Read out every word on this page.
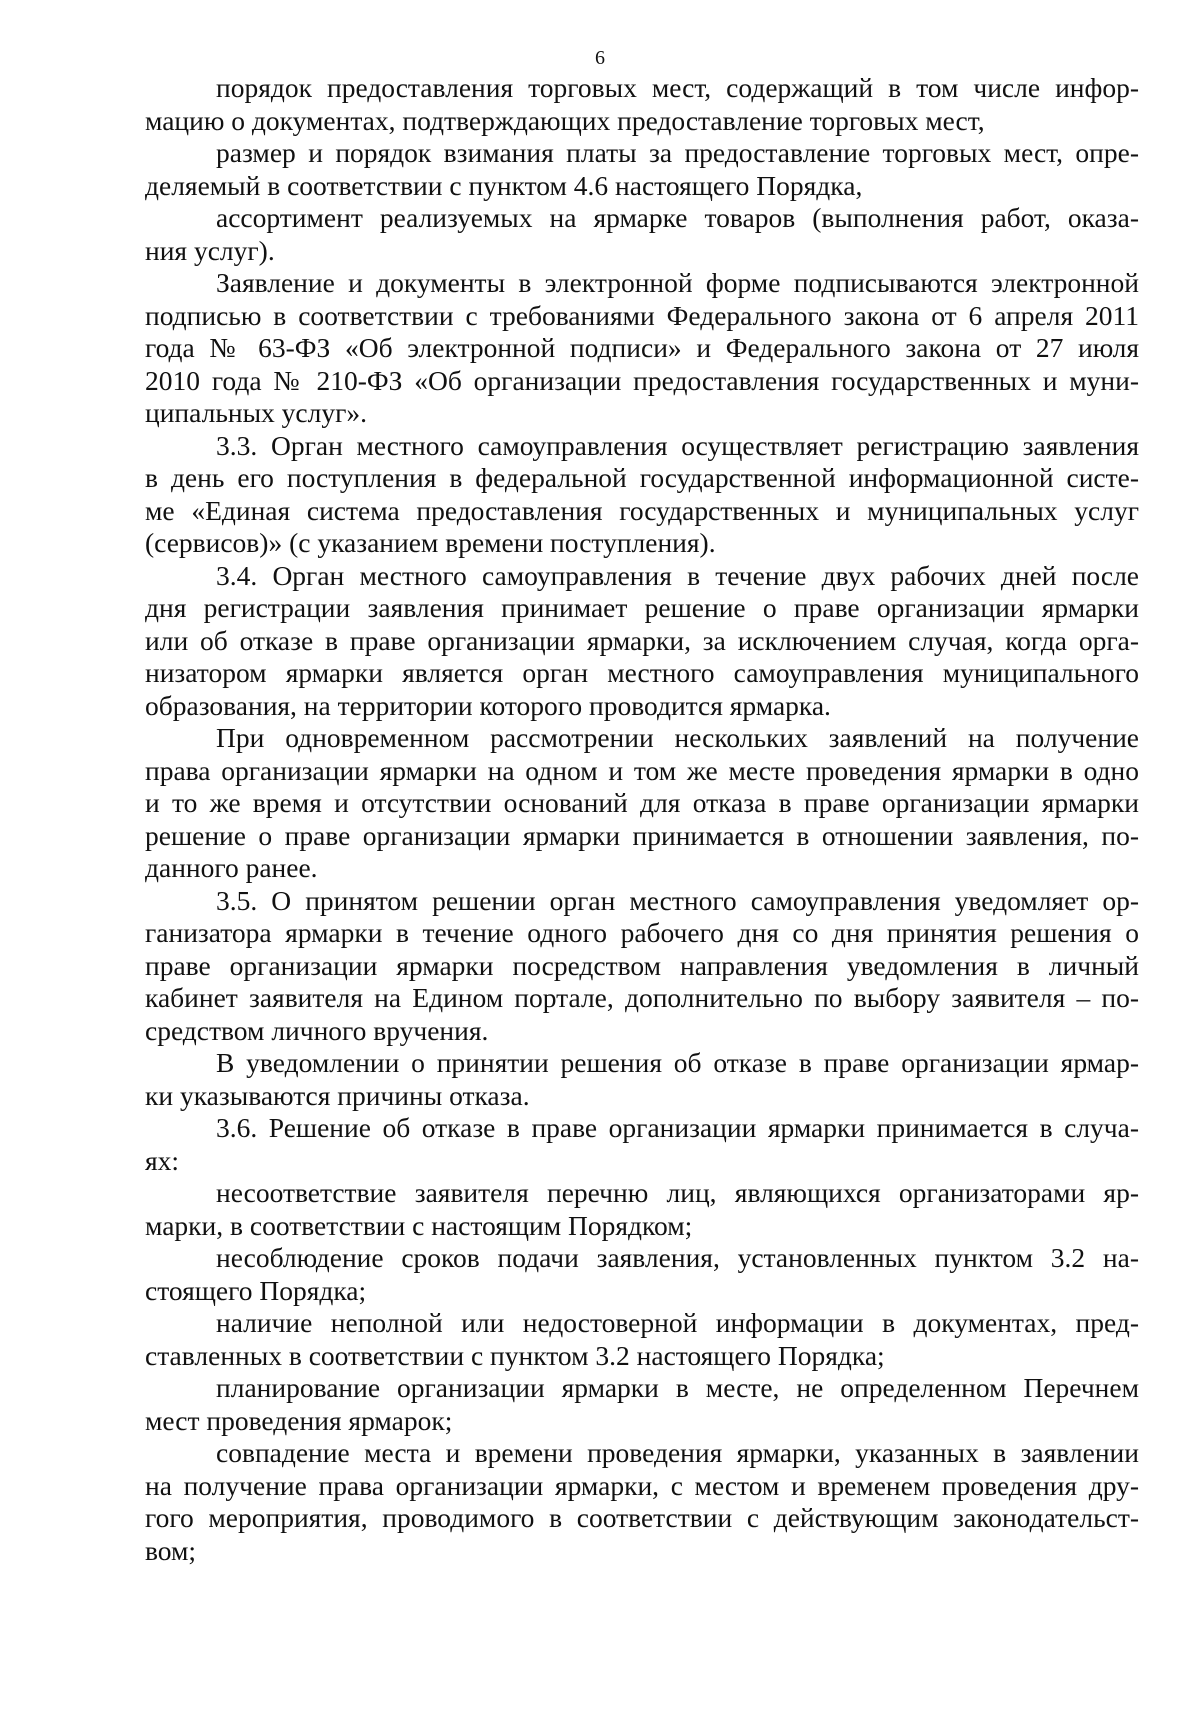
6
порядок предоставления торговых мест, содержащий в том числе инфор-
мацию о документах, подтверждающих предоставление торговых мест,
размер и порядок взимания платы за предоставление торговых мест, опре-
деляемый в соответствии с пунктом 4.6 настоящего Порядка,
ассортимент реализуемых на ярмарке товаров (выполнения работ, оказа-
ния услуг).
Заявление и документы в электронной форме подписываются электронной
подписью в соответствии с требованиями Федерального закона от 6 апреля 2011
года № 63-ФЗ «Об электронной подписи» и Федерального закона от 27 июля
2010 года № 210-ФЗ «Об организации предоставления государственных и муни-
ципальных услуг».
3.3. Орган местного самоуправления осуществляет регистрацию заявления
в день его поступления в федеральной государственной информационной систе-
ме «Единая система предоставления государственных и муниципальных услуг
(сервисов)» (с указанием времени поступления).
3.4. Орган местного самоуправления в течение двух рабочих дней после
дня регистрации заявления принимает решение о праве организации ярмарки
или об отказе в праве организации ярмарки, за исключением случая, когда орга-
низатором ярмарки является орган местного самоуправления муниципального
образования, на территории которого проводится ярмарка.
При одновременном рассмотрении нескольких заявлений на получение
права организации ярмарки на одном и том же месте проведения ярмарки в одно
и то же время и отсутствии оснований для отказа в праве организации ярмарки
решение о праве организации ярмарки принимается в отношении заявления, по-
данного ранее.
3.5. О принятом решении орган местного самоуправления уведомляет ор-
ганизатора ярмарки в течение одного рабочего дня со дня принятия решения о
праве организации ярмарки посредством направления уведомления в личный
кабинет заявителя на Едином портале, дополнительно по выбору заявителя – по-
средством личного вручения.
В уведомлении о принятии решения об отказе в праве организации ярмар-
ки указываются причины отказа.
3.6. Решение об отказе в праве организации ярмарки принимается в случа-
ях:
несоответствие заявителя перечню лиц, являющихся организаторами яр-
марки, в соответствии с настоящим Порядком;
несоблюдение сроков подачи заявления, установленных пунктом 3.2 на-
стоящего Порядка;
наличие неполной или недостоверной информации в документах, пред-
ставленных в соответствии с пунктом 3.2 настоящего Порядка;
планирование организации ярмарки в месте, не определенном Перечнем
мест проведения ярмарок;
совпадение места и времени проведения ярмарки, указанных в заявлении
на получение права организации ярмарки, с местом и временем проведения дру-
гого мероприятия, проводимого в соответствии с действующим законодательст-
вом;
